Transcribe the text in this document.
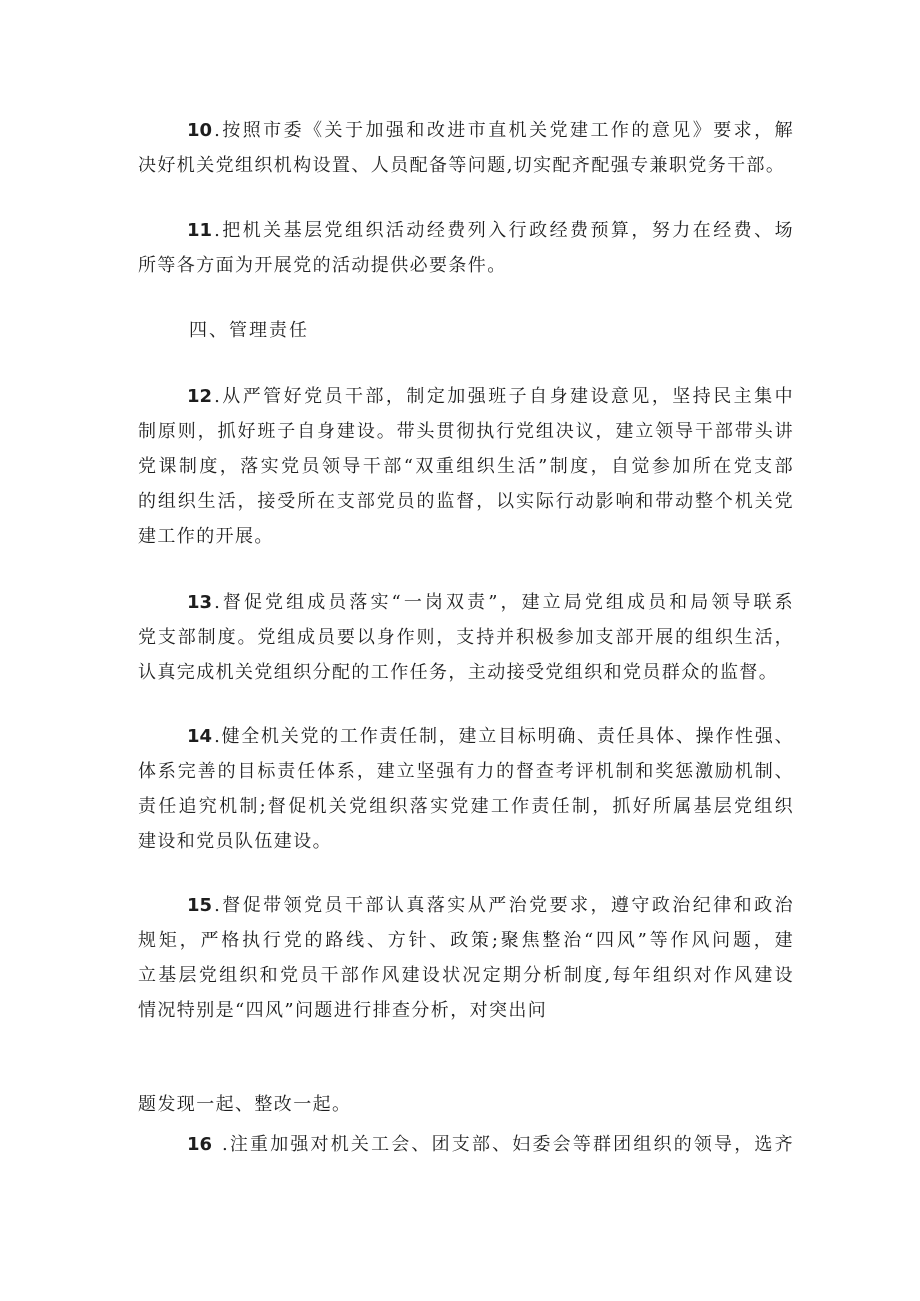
10 .按照市委《关于加强和改进市直机关党建工作的意见》要求，解
决好机关党组织机构设置、人员配备等问题,切实配齐配强专兼职党务干部。
11 .把机关基层党组织活动经费列入行政经费预算，努力在经费、场
所等各方面为开展党的活动提供必要条件。
四、管理责任
12 .从严管好党员干部，制定加强班子自身建设意见，坚持民主集中
制原则，抓好班子自身建设。带头贯彻执行党组决议，建立领导干部带头讲
党课制度，落实党员领导干部“双重组织生活”制度，自觉参加所在党支部
的组织生活，接受所在支部党员的监督，以实际行动影响和带动整个机关党
建工作的开展。
13 .督促党组成员落实“一岗双责”，建立局党组成员和局领导联系
党支部制度。党组成员要以身作则，支持并积极参加支部开展的组织生活，
认真完成机关党组织分配的工作任务，主动接受党组织和党员群众的监督。
14 .健全机关党的工作责任制，建立目标明确、责任具体、操作性强、
体系完善的目标责任体系，建立坚强有力的督查考评机制和奖惩激励机制、
责任追究机制;督促机关党组织落实党建工作责任制，抓好所属基层党组织
建设和党员队伍建设。
15 .督促带领党员干部认真落实从严治党要求，遵守政治纪律和政治
规矩，严格执行党的路线、方针、政策;聚焦整治“四风”等作风问题，建
立基层党组织和党员干部作风建设状况定期分析制度,每年组织对作风建设
情况特别是“四风”问题进行排查分析，对突出问
题发现一起、整改一起。
16 .注重加强对机关工会、团支部、妇委会等群团组织的领导，选齐
